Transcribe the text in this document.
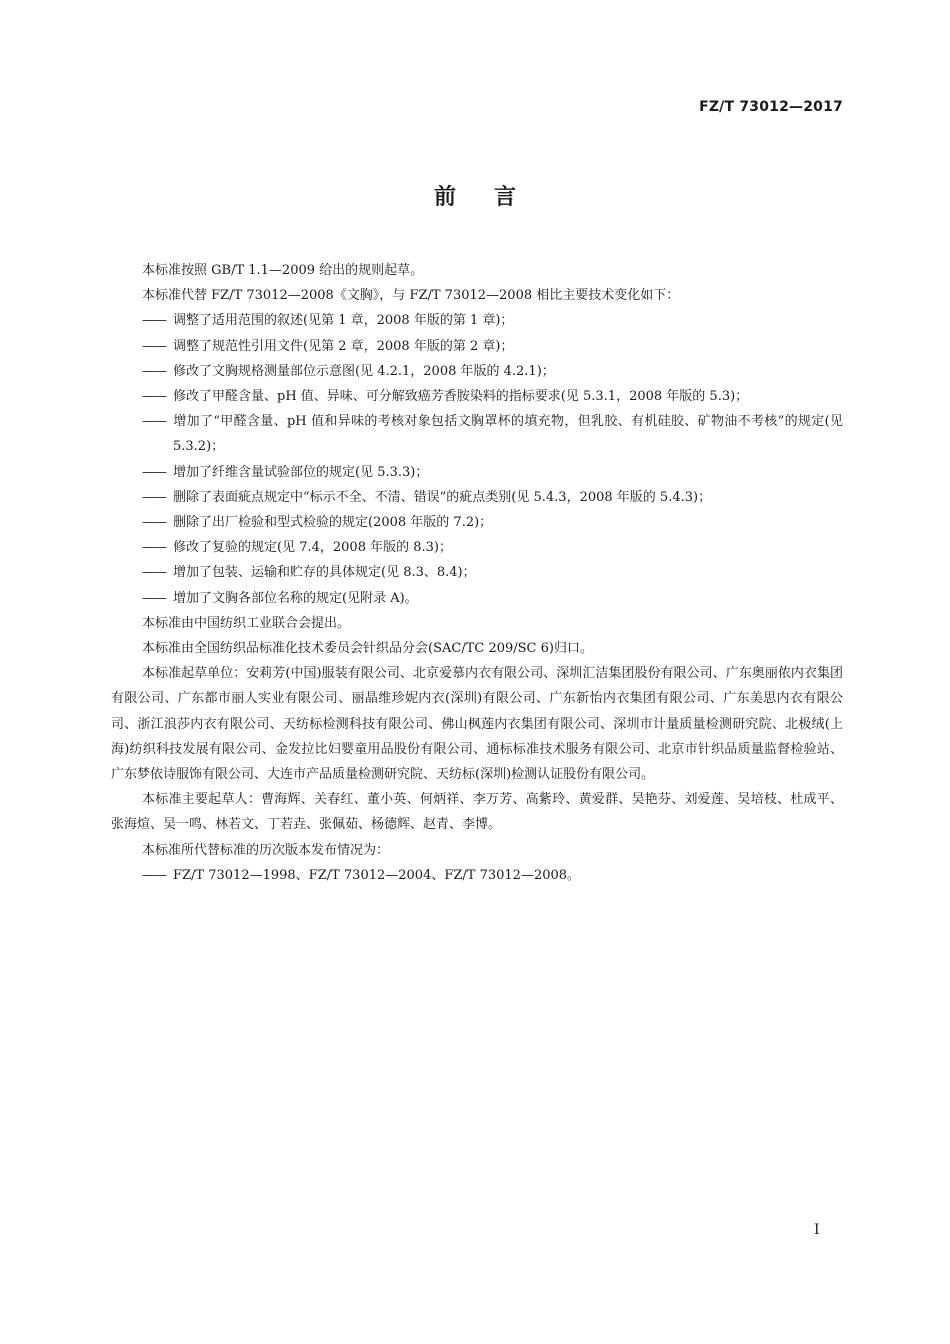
FZ/T 73012—2017
前言
本标准按照 GB/T 1.1—2009 给出的规则起草。
本标准代替 FZ/T 73012—2008《文胸》，与 FZ/T 73012—2008 相比主要技术变化如下：
—— 调整了适用范围的叙述(见第 1 章，2008 年版的第 1 章)；
—— 调整了规范性引用文件(见第 2 章，2008 年版的第 2 章)；
—— 修改了文胸规格测量部位示意图(见 4.2.1，2008 年版的 4.2.1)；
—— 修改了甲醛含量、pH 值、异味、可分解致癌芳香胺染料的指标要求(见 5.3.1，2008 年版的 5.3)；
—— 增加了“甲醛含量、pH 值和异味的考核对象包括文胸罩杯的填充物，但乳胶、有机硅胶、矿物油不考核”的规定(见 5.3.2)；
—— 增加了纤维含量试验部位的规定(见 5.3.3)；
—— 删除了表面疵点规定中“标示不全、不清、错误”的疵点类别(见 5.4.3，2008 年版的 5.4.3)；
—— 删除了出厂检验和型式检验的规定(2008 年版的 7.2)；
—— 修改了复验的规定(见 7.4，2008 年版的 8.3)；
—— 增加了包装、运输和贮存的具体规定(见 8.3、8.4)；
—— 增加了文胸各部位名称的规定(见附录 A)。
本标准由中国纺织工业联合会提出。
本标准由全国纺织品标准化技术委员会针织品分会(SAC/TC 209/SC 6)归口。
本标准起草单位：安莉芳(中国)服装有限公司、北京爱慕内衣有限公司、深圳汇洁集团股份有限公司、广东奥丽侬内衣集团有限公司、广东都市丽人实业有限公司、丽晶维珍妮内衣(深圳)有限公司、广东新怡内衣集团有限公司、广东美思内衣有限公司、浙江浪莎内衣有限公司、天纺标检测科技有限公司、佛山枫莲内衣集团有限公司、深圳市计量质量检测研究院、北极绒(上海)纺织科技发展有限公司、金发拉比妇婴童用品股份有限公司、通标标准技术服务有限公司、北京市针织品质量监督检验站、广东梦依诗服饰有限公司、大连市产品质量检测研究院、天纺标(深圳)检测认证股份有限公司。
本标准主要起草人：曹海辉、关春红、董小英、何炳祥、李万芳、高紫玲、黄爱群、吴艳芬、刘爱莲、吴培枝、杜成平、张海煊、吴一鸣、林若文、丁若垚、张佩茹、杨德辉、赵青、李博。
本标准所代替标准的历次版本发布情况为：
—— FZ/T 73012—1998、FZ/T 73012—2004、FZ/T 73012—2008。
I
